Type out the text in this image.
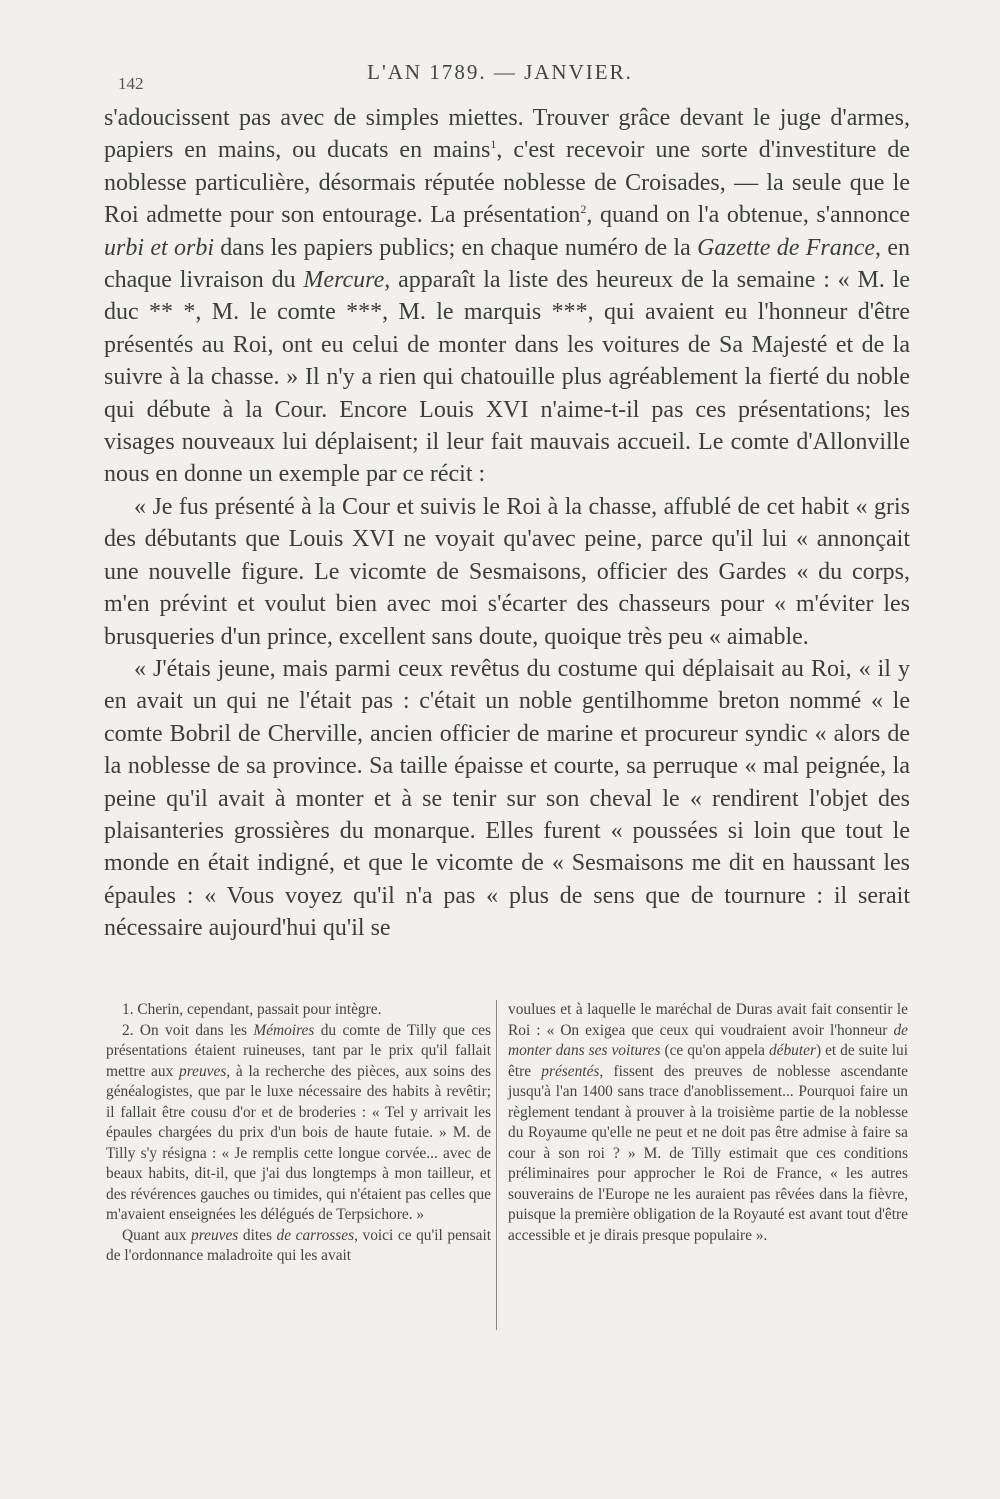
142	L'AN 1789. — JANVIER.

s'adoucissent pas avec de simples miettes. Trouver grâce devant le juge d'armes, papiers en mains, ou ducats en mains$^1$, c'est recevoir une sorte d'investiture de noblesse particulière, désormais réputée noblesse de Croisades, — la seule que le Roi admette pour son entourage. La présentation$^2$, quand on l'a obtenue, s'annonce urbi et orbi dans les papiers publics; en chaque numéro de la Gazette de France, en chaque livraison du Mercure, apparaît la liste des heureux de la semaine : « M. le duc ** *, M. le comte ***, M. le marquis ***, qui avaient eu l'honneur d'être présentés au Roi, ont eu celui de monter dans les voitures de Sa Majesté et de la suivre à la chasse. » Il n'y a rien qui chatouille plus agréablement la fierté du noble qui débute à la Cour. Encore Louis XVI n'aime-t-il pas ces présentations; les visages nouveaux lui déplaisent; il leur fait mauvais accueil. Le comte d'Allonville nous en donne un exemple par ce récit :

« Je fus présenté à la Cour et suivis le Roi à la chasse, affublé de cet habit « gris des débutants que Louis XVI ne voyait qu'avec peine, parce qu'il lui « annonçait une nouvelle figure. Le vicomte de Sesmaisons, officier des Gardes « du corps, m'en prévint et voulut bien avec moi s'écarter des chasseurs pour « m'éviter les brusqueries d'un prince, excellent sans doute, quoique très peu « aimable.

« J'étais jeune, mais parmi ceux revêtus du costume qui déplaisait au Roi, « il y en avait un qui ne l'était pas : c'était un noble gentilhomme breton nommé « le comte Bobril de Cherville, ancien officier de marine et procureur syndic « alors de la noblesse de sa province. Sa taille épaisse et courte, sa perruque « mal peignée, la peine qu'il avait à monter et à se tenir sur son cheval le « rendirent l'objet des plaisanteries grossières du monarque. Elles furent « poussées si loin que tout le monde en était indigné, et que le vicomte de « Sesmaisons me dit en haussant les épaules : « Vous voyez qu'il n'a pas « plus de sens que de tournure : il serait nécessaire aujourd'hui qu'il se

1. Cherin, cependant, passait pour intègre.

2. On voit dans les Mémoires du comte de Tilly que ces présentations étaient ruineuses, tant par le prix qu'il fallait mettre aux preuves, à la recherche des pièces, aux soins des généalogistes, que par le luxe nécessaire des habits à revêtir; il fallait être cousu d'or et de broderies : « Tel y arrivait les épaules chargées du prix d'un bois de haute futaie. » M. de Tilly s'y résigna : « Je remplis cette longue corvée... avec de beaux habits, dit-il, que j'ai dus longtemps à mon tailleur, et des révérences gauches ou timides, qui n'étaient pas celles que m'avaient enseignées les délégués de Terpsichore. »

Quant aux preuves dites de carrosses, voici ce qu'il pensait de l'ordonnance maladroite qui les avait

voulues et à laquelle le maréchal de Duras avait fait consentir le Roi : « On exigea que ceux qui voudraient avoir l'honneur de monter dans ses voitures (ce qu'on appela débuter) et de suite lui être présentés, fissent des preuves de noblesse ascendante jusqu'à l'an 1400 sans trace d'anoblissement... Pourquoi faire un règlement tendant à prouver à la troisième partie de la noblesse du Royaume qu'elle ne peut et ne doit pas être admise à faire sa cour à son roi ? » M. de Tilly estimait que ces conditions préliminaires pour approcher le Roi de France, « les autres souverains de l'Europe ne les auraient pas rêvées dans la fièvre, puisque la première obligation de la Royauté est avant tout d'être accessible et je dirais presque populaire ».
